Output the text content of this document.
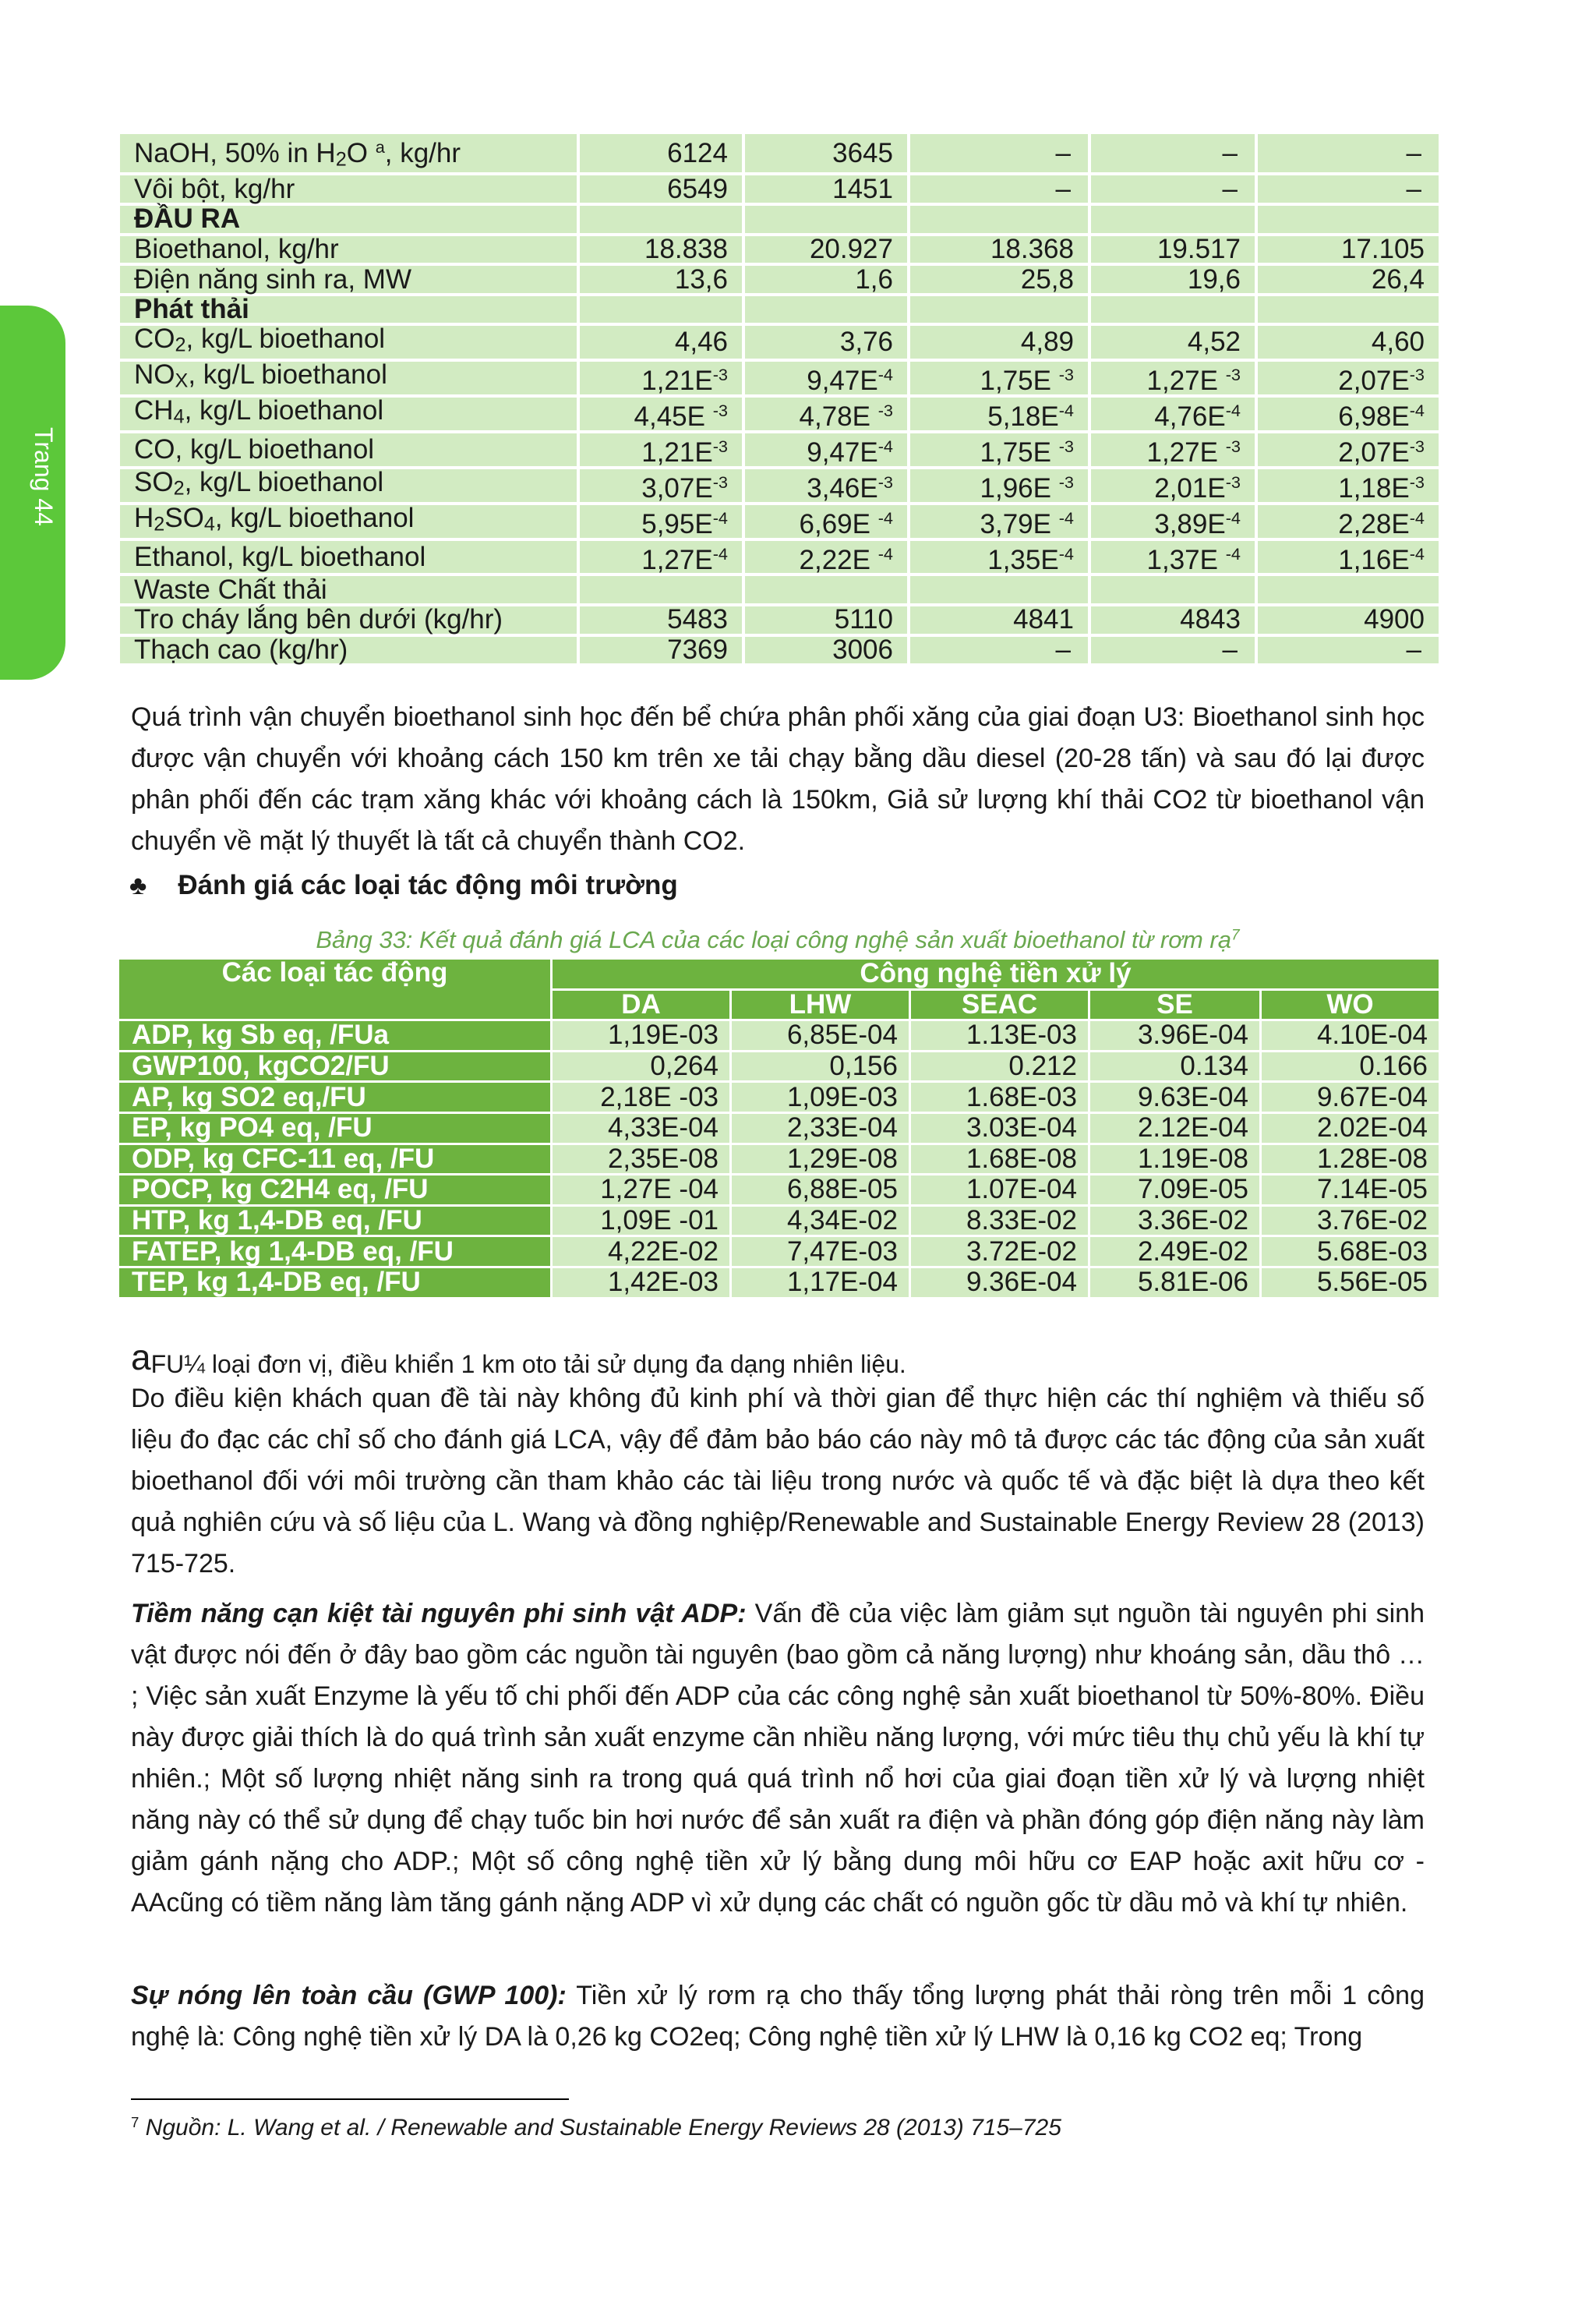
Trang 44
NaOH, 50% in $H_2O$ $^a$, kg/hr	6124	3645	–	–	–
Vôi bột, kg/hr	6549	1451	–	–	–
ĐẦU RA					
Bioethanol, kg/hr	18.838	20.927	18.368	19.517	17.105
Điện năng sinh ra, MW	13,6	1,6	25,8	19,6	26,4
Phát thải					
$CO_2$, kg/L bioethanol	4,46	3,76	4,89	4,52	4,60
$NO_X$, kg/L bioethanol	$1,21E^{-3}$	$9,47E^{-4}$	1,75E $^{-3}$	1,27E $^{-3}$	$2,07E^{-3}$
$CH_4$, kg/L bioethanol	4,45E $^{-3}$	4,78E $^{-3}$	$5,18E^{-4}$	$4,76E^{-4}$	$6,98E^{-4}$
CO, kg/L bioethanol	$1,21E^{-3}$	$9,47E^{-4}$	1,75E $^{-3}$	1,27E $^{-3}$	$2,07E^{-3}$
$SO_2$, kg/L bioethanol	$3,07E^{-3}$	$3,46E^{-3}$	1,96E $^{-3}$	$2,01E^{-3}$	$1,18E^{-3}$
$H_2SO_4$, kg/L bioethanol	$5,95E^{-4}$	6,69E $^{-4}$	3,79E $^{-4}$	$3,89E^{-4}$	$2,28E^{-4}$
Ethanol, kg/L bioethanol	$1,27E^{-4}$	2,22E $^{-4}$	$1,35E^{-4}$	1,37E $^{-4}$	$1,16E^{-4}$
Waste Chất thải					
Tro cháy lắng bên dưới (kg/hr)	5483	5110	4841	4843	4900
Thạch cao (kg/hr)	7369	3006	–	–	–

Quá trình vận chuyển bioethanol sinh học đến bể chứa phân phối xăng của giai đoạn U3: Bioethanol sinh học được vận chuyển với khoảng cách 150 km trên xe tải chạy bằng dầu diesel (20-28 tấn) và sau đó lại được phân phối đến các trạm xăng khác với khoảng cách là 150km, Giả sử lượng khí thải CO2 từ bioethanol vận chuyển về mặt lý thuyết là tất cả chuyển thành CO2.

♣ Đánh giá các loại tác động môi trường
Bảng 33: Kết quả đánh giá LCA của các loại công nghệ sản xuất bioethanol từ rơm rạ$^7$
Các loại tác động	Công nghệ tiền xử lý				
	DA	LHW	SEAC	SE	WO
ADP, kg Sb eq, /FUa	1,19E-03	6,85E-04	1.13E-03	3.96E-04	4.10E-04
GWP100, kgCO2/FU	0,264	0,156	0.212	0.134	0.166
AP, kg SO2 eq,/FU	2,18E -03	1,09E-03	1.68E-03	9.63E-04	9.67E-04
EP, kg PO4 eq, /FU	4,33E-04	2,33E-04	3.03E-04	2.12E-04	2.02E-04
ODP, kg CFC-11 eq, /FU	2,35E-08	1,29E-08	1.68E-08	1.19E-08	1.28E-08
POCP, kg C2H4 eq, /FU	1,27E -04	6,88E-05	1.07E-04	7.09E-05	7.14E-05
HTP, kg 1,4-DB eq, /FU	1,09E -01	4,34E-02	8.33E-02	3.36E-02	3.76E-02
FATEP, kg 1,4-DB eq, /FU	4,22E-02	7,47E-03	3.72E-02	2.49E-02	5.68E-03
TEP, kg 1,4-DB eq, /FU	1,42E-03	1,17E-04	9.36E-04	5.81E-06	5.56E-05
aFU¼ loại đơn vị, điều khiển 1 km oto tải sử dụng đa dạng nhiên liệu.

Do điều kiện khách quan đề tài này không đủ kinh phí và thời gian để thực hiện các thí nghiệm và thiếu số liệu đo đạc các chỉ số cho đánh giá LCA, vậy để đảm bảo báo cáo này mô tả được các tác động của sản xuất bioethanol đối với môi trường cần tham khảo các tài liệu trong nước và quốc tế và đặc biệt là dựa theo kết quả nghiên cứu và số liệu của L. Wang và đồng nghiệp/Renewable and Sustainable Energy Review 28 (2013) 715-725.

Tiềm năng cạn kiệt tài nguyên phi sinh vật ADP: Vấn đề của việc làm giảm sụt nguồn tài nguyên phi sinh vật được nói đến ở đây bao gồm các nguồn tài nguyên (bao gồm cả năng lượng) như khoáng sản, dầu thô … ; Việc sản xuất Enzyme là yếu tố chi phối đến ADP của các công nghệ sản xuất bioethanol từ 50%-80%. Điều này được giải thích là do quá trình sản xuất enzyme cần nhiều năng lượng, với mức tiêu thụ chủ yếu là khí tự nhiên.; Một số lượng nhiệt năng sinh ra trong quá quá trình nổ hơi của giai đoạn tiền xử lý và lượng nhiệt năng này có thể sử dụng để chạy tuốc bin hơi nước để sản xuất ra điện và phần đóng góp điện năng này làm giảm gánh nặng cho ADP.; Một số công nghệ tiền xử lý bằng dung môi hữu cơ EAP hoặc axit hữu cơ - AAcũng có tiềm năng làm tăng gánh nặng ADP vì xử dụng các chất có nguồn gốc từ dầu mỏ và khí tự nhiên.

Sự nóng lên toàn cầu (GWP 100): Tiền xử lý rơm rạ cho thấy tổng lượng phát thải ròng trên mỗi 1 công nghệ là: Công nghệ tiền xử lý DA là 0,26 kg CO2eq; Công nghệ tiền xử lý LHW là 0,16 kg CO2 eq; Trong

$^7$ Nguồn: L. Wang et al. / Renewable and Sustainable Energy Reviews 28 (2013) 715–725
